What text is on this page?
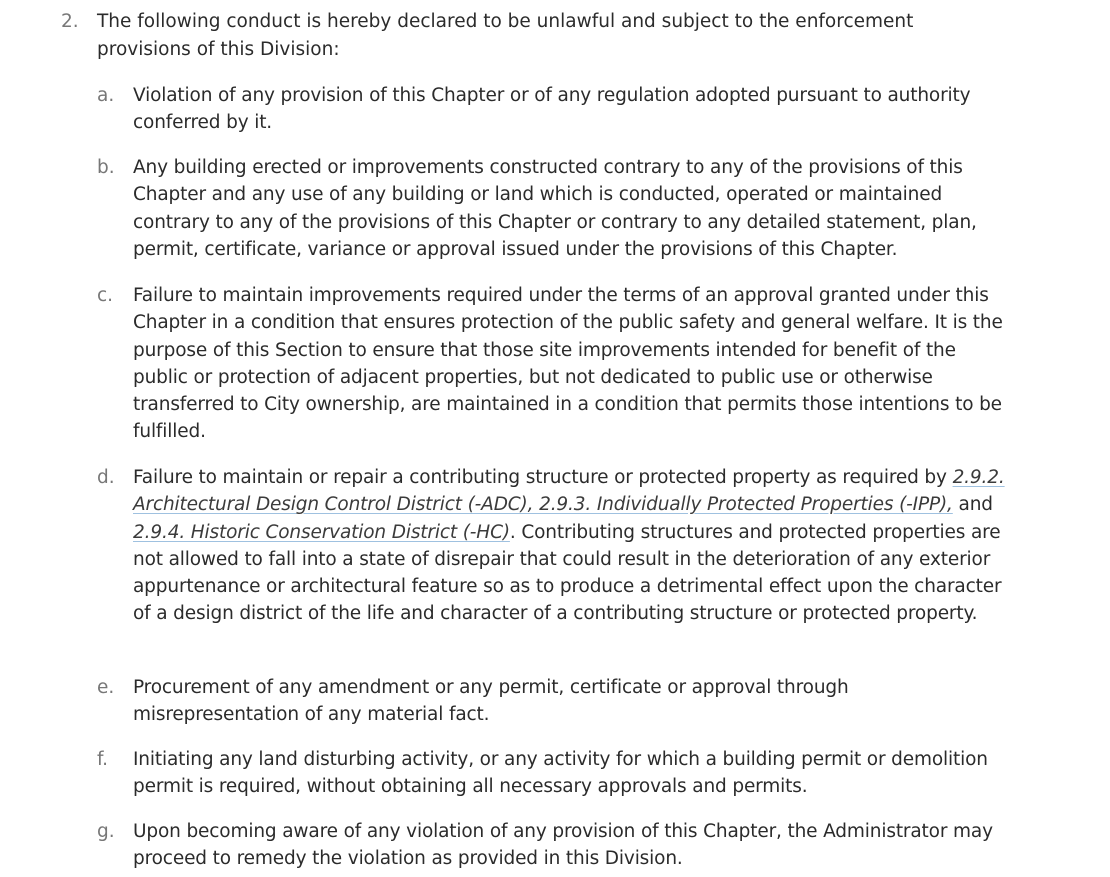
2. The following conduct is hereby declared to be unlawful and subject to the enforcement provisions of this Division:

a. Violation of any provision of this Chapter or of any regulation adopted pursuant to authority conferred by it.

b. Any building erected or improvements constructed contrary to any of the provisions of this Chapter and any use of any building or land which is conducted, operated or maintained contrary to any of the provisions of this Chapter or contrary to any detailed statement, plan, permit, certificate, variance or approval issued under the provisions of this Chapter.

c. Failure to maintain improvements required under the terms of an approval granted under this Chapter in a condition that ensures protection of the public safety and general welfare. It is the purpose of this Section to ensure that those site improvements intended for benefit of the public or protection of adjacent properties, but not dedicated to public use or otherwise transferred to City ownership, are maintained in a condition that permits those intentions to be fulfilled.

d. Failure to maintain or repair a contributing structure or protected property as required by 2.9.2. Architectural Design Control District (-ADC), 2.9.3. Individually Protected Properties (-IPP), and 2.9.4. Historic Conservation District (-HC). Contributing structures and protected properties are not allowed to fall into a state of disrepair that could result in the deterioration of any exterior appurtenance or architectural feature so as to produce a detrimental effect upon the character of a design district of the life and character of a contributing structure or protected property.

e. Procurement of any amendment or any permit, certificate or approval through misrepresentation of any material fact.

f. Initiating any land disturbing activity, or any activity for which a building permit or demolition permit is required, without obtaining all necessary approvals and permits.

g. Upon becoming aware of any violation of any provision of this Chapter, the Administrator may proceed to remedy the violation as provided in this Division.
